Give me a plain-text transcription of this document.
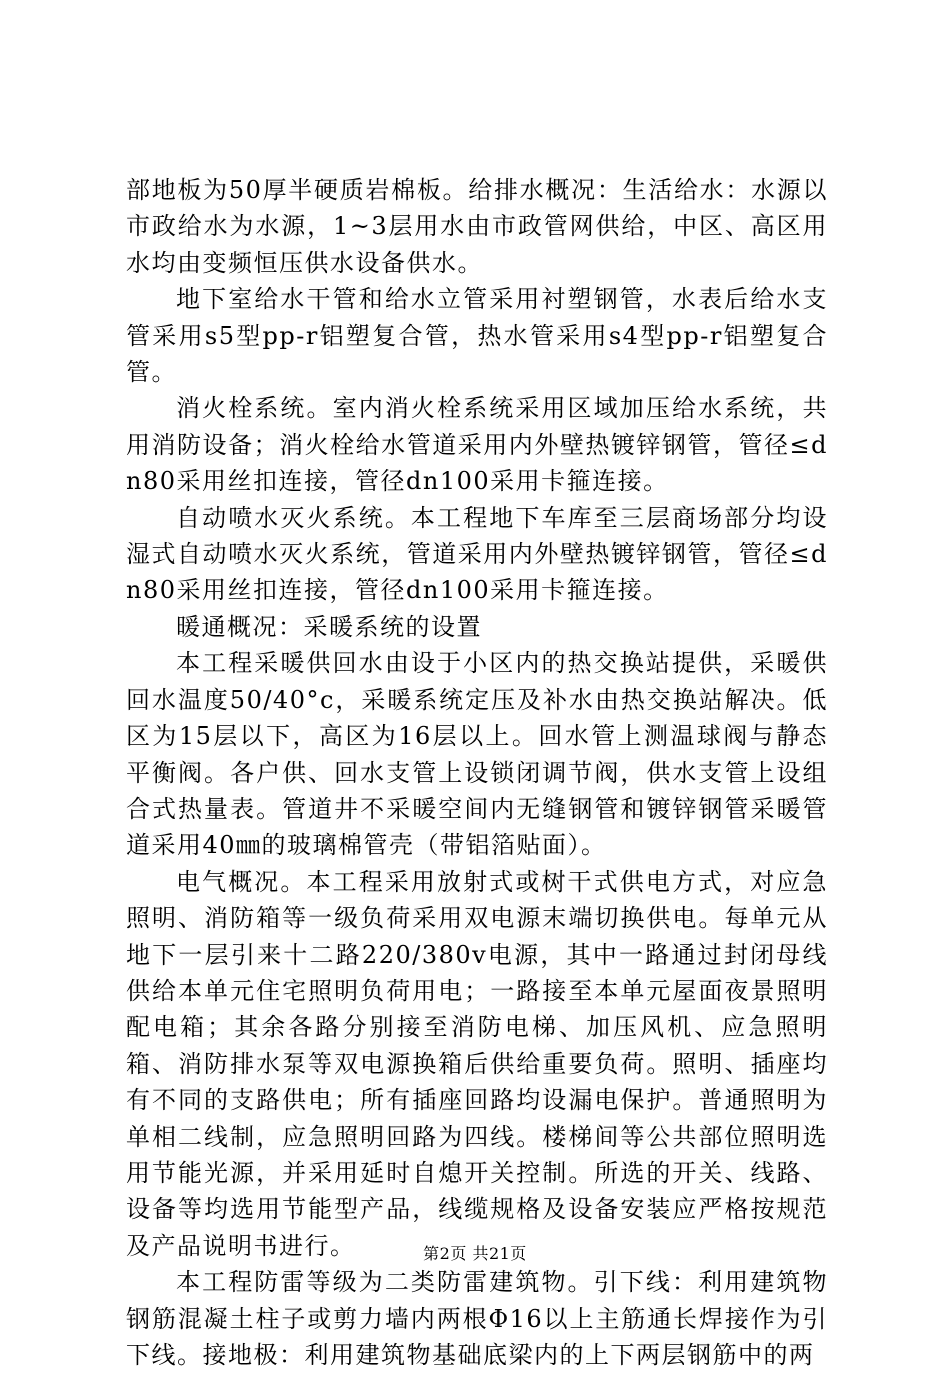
部地板为50厚半硬质岩棉板。给排水概况：生活给水：水源以市政给水为水源，1~3层用水由市政管网供给，中区、高区用水均由变频恒压供水设备供水。

地下室给水干管和给水立管采用衬塑钢管，水表后给水支管采用s5型pp-r铝塑复合管，热水管采用s4型pp-r铝塑复合管。

消火栓系统。室内消火栓系统采用区域加压给水系统，共用消防设备；消火栓给水管道采用内外壁热镀锌钢管，管径≤dn80采用丝扣连接，管径dn100采用卡箍连接。

自动喷水灭火系统。本工程地下车库至三层商场部分均设湿式自动喷水灭火系统，管道采用内外壁热镀锌钢管，管径≤dn80采用丝扣连接，管径dn100采用卡箍连接。

暖通概况：采暖系统的设置

本工程采暖供回水由设于小区内的热交换站提供，采暖供回水温度50/40°c，采暖系统定压及补水由热交换站解决。低区为15层以下，高区为16层以上。回水管上测温球阀与静态平衡阀。各户供、回水支管上设锁闭调节阀，供水支管上设组合式热量表。管道井不采暖空间内无缝钢管和镀锌钢管采暖管道采用40㎜的玻璃棉管壳（带铝箔贴面）。

电气概况。本工程采用放射式或树干式供电方式，对应急照明、消防箱等一级负荷采用双电源末端切换供电。每单元从地下一层引来十二路220/380v电源，其中一路通过封闭母线供给本单元住宅照明负荷用电；一路接至本单元屋面夜景照明配电箱；其余各路分别接至消防电梯、加压风机、应急照明箱、消防排水泵等双电源换箱后供给重要负荷。照明、插座均有不同的支路供电；所有插座回路均设漏电保护。普通照明为单相二线制，应急照明回路为四线。楼梯间等公共部位照明选用节能光源，并采用延时自熄开关控制。所选的开关、线路、设备等均选用节能型产品，线缆规格及设备安装应严格按规范及产品说明书进行。

本工程防雷等级为二类防雷建筑物。引下线：利用建筑物钢筋混凝土柱子或剪力墙内两根Φ16以上主筋通长焊接作为引下线。接地极：利用建筑物基础底梁内的上下两层钢筋中的两

第2页 共21页
